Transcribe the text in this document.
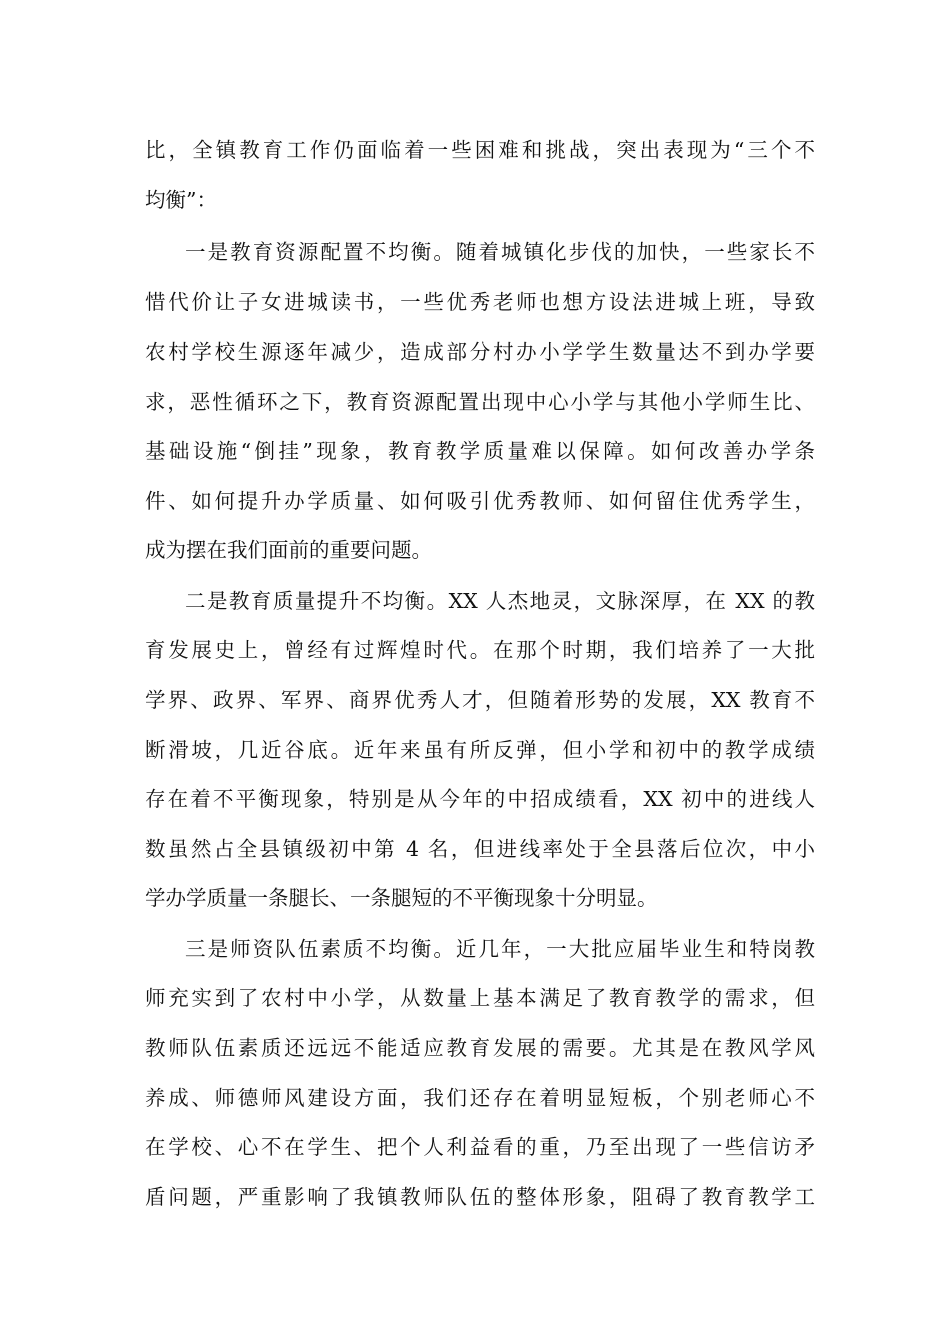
比，全镇教育工作仍面临着一些困难和挑战，突出表现为“三个不
均衡”：
一是教育资源配置不均衡。随着城镇化步伐的加快，一些家长不
惜代价让子女进城读书，一些优秀老师也想方设法进城上班，导致
农村学校生源逐年减少，造成部分村办小学学生数量达不到办学要
求，恶性循环之下，教育资源配置出现中心小学与其他小学师生比、
基础设施“倒挂”现象，教育教学质量难以保障。如何改善办学条
件、如何提升办学质量、如何吸引优秀教师、如何留住优秀学生，
成为摆在我们面前的重要问题。
二是教育质量提升不均衡。XX 人杰地灵，文脉深厚，在 XX 的教
育发展史上，曾经有过辉煌时代。在那个时期，我们培养了一大批
学界、政界、军界、商界优秀人才，但随着形势的发展，XX 教育不
断滑坡，几近谷底。近年来虽有所反弹，但小学和初中的教学成绩
存在着不平衡现象，特别是从今年的中招成绩看，XX 初中的进线人
数虽然占全县镇级初中第 4 名，但进线率处于全县落后位次，中小
学办学质量一条腿长、一条腿短的不平衡现象十分明显。
三是师资队伍素质不均衡。近几年，一大批应届毕业生和特岗教
师充实到了农村中小学，从数量上基本满足了教育教学的需求，但
教师队伍素质还远远不能适应教育发展的需要。尤其是在教风学风
养成、师德师风建设方面，我们还存在着明显短板，个别老师心不
在学校、心不在学生、把个人利益看的重，乃至出现了一些信访矛
盾问题，严重影响了我镇教师队伍的整体形象，阻碍了教育教学工
